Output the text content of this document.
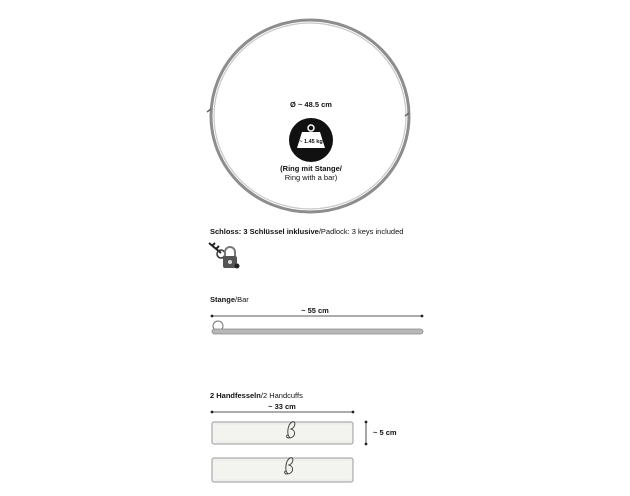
Ø ~ 48.5 cm
~ 1.45 kg
(Ring mit Stange/
Ring with a bar)
Schloss: 3 Schlüssel inklusive/Padlock: 3 keys included
Stange/Bar
~ 55 cm
2 Handfesseln/2 Handcuffs
~ 33 cm
~ 5 cm
